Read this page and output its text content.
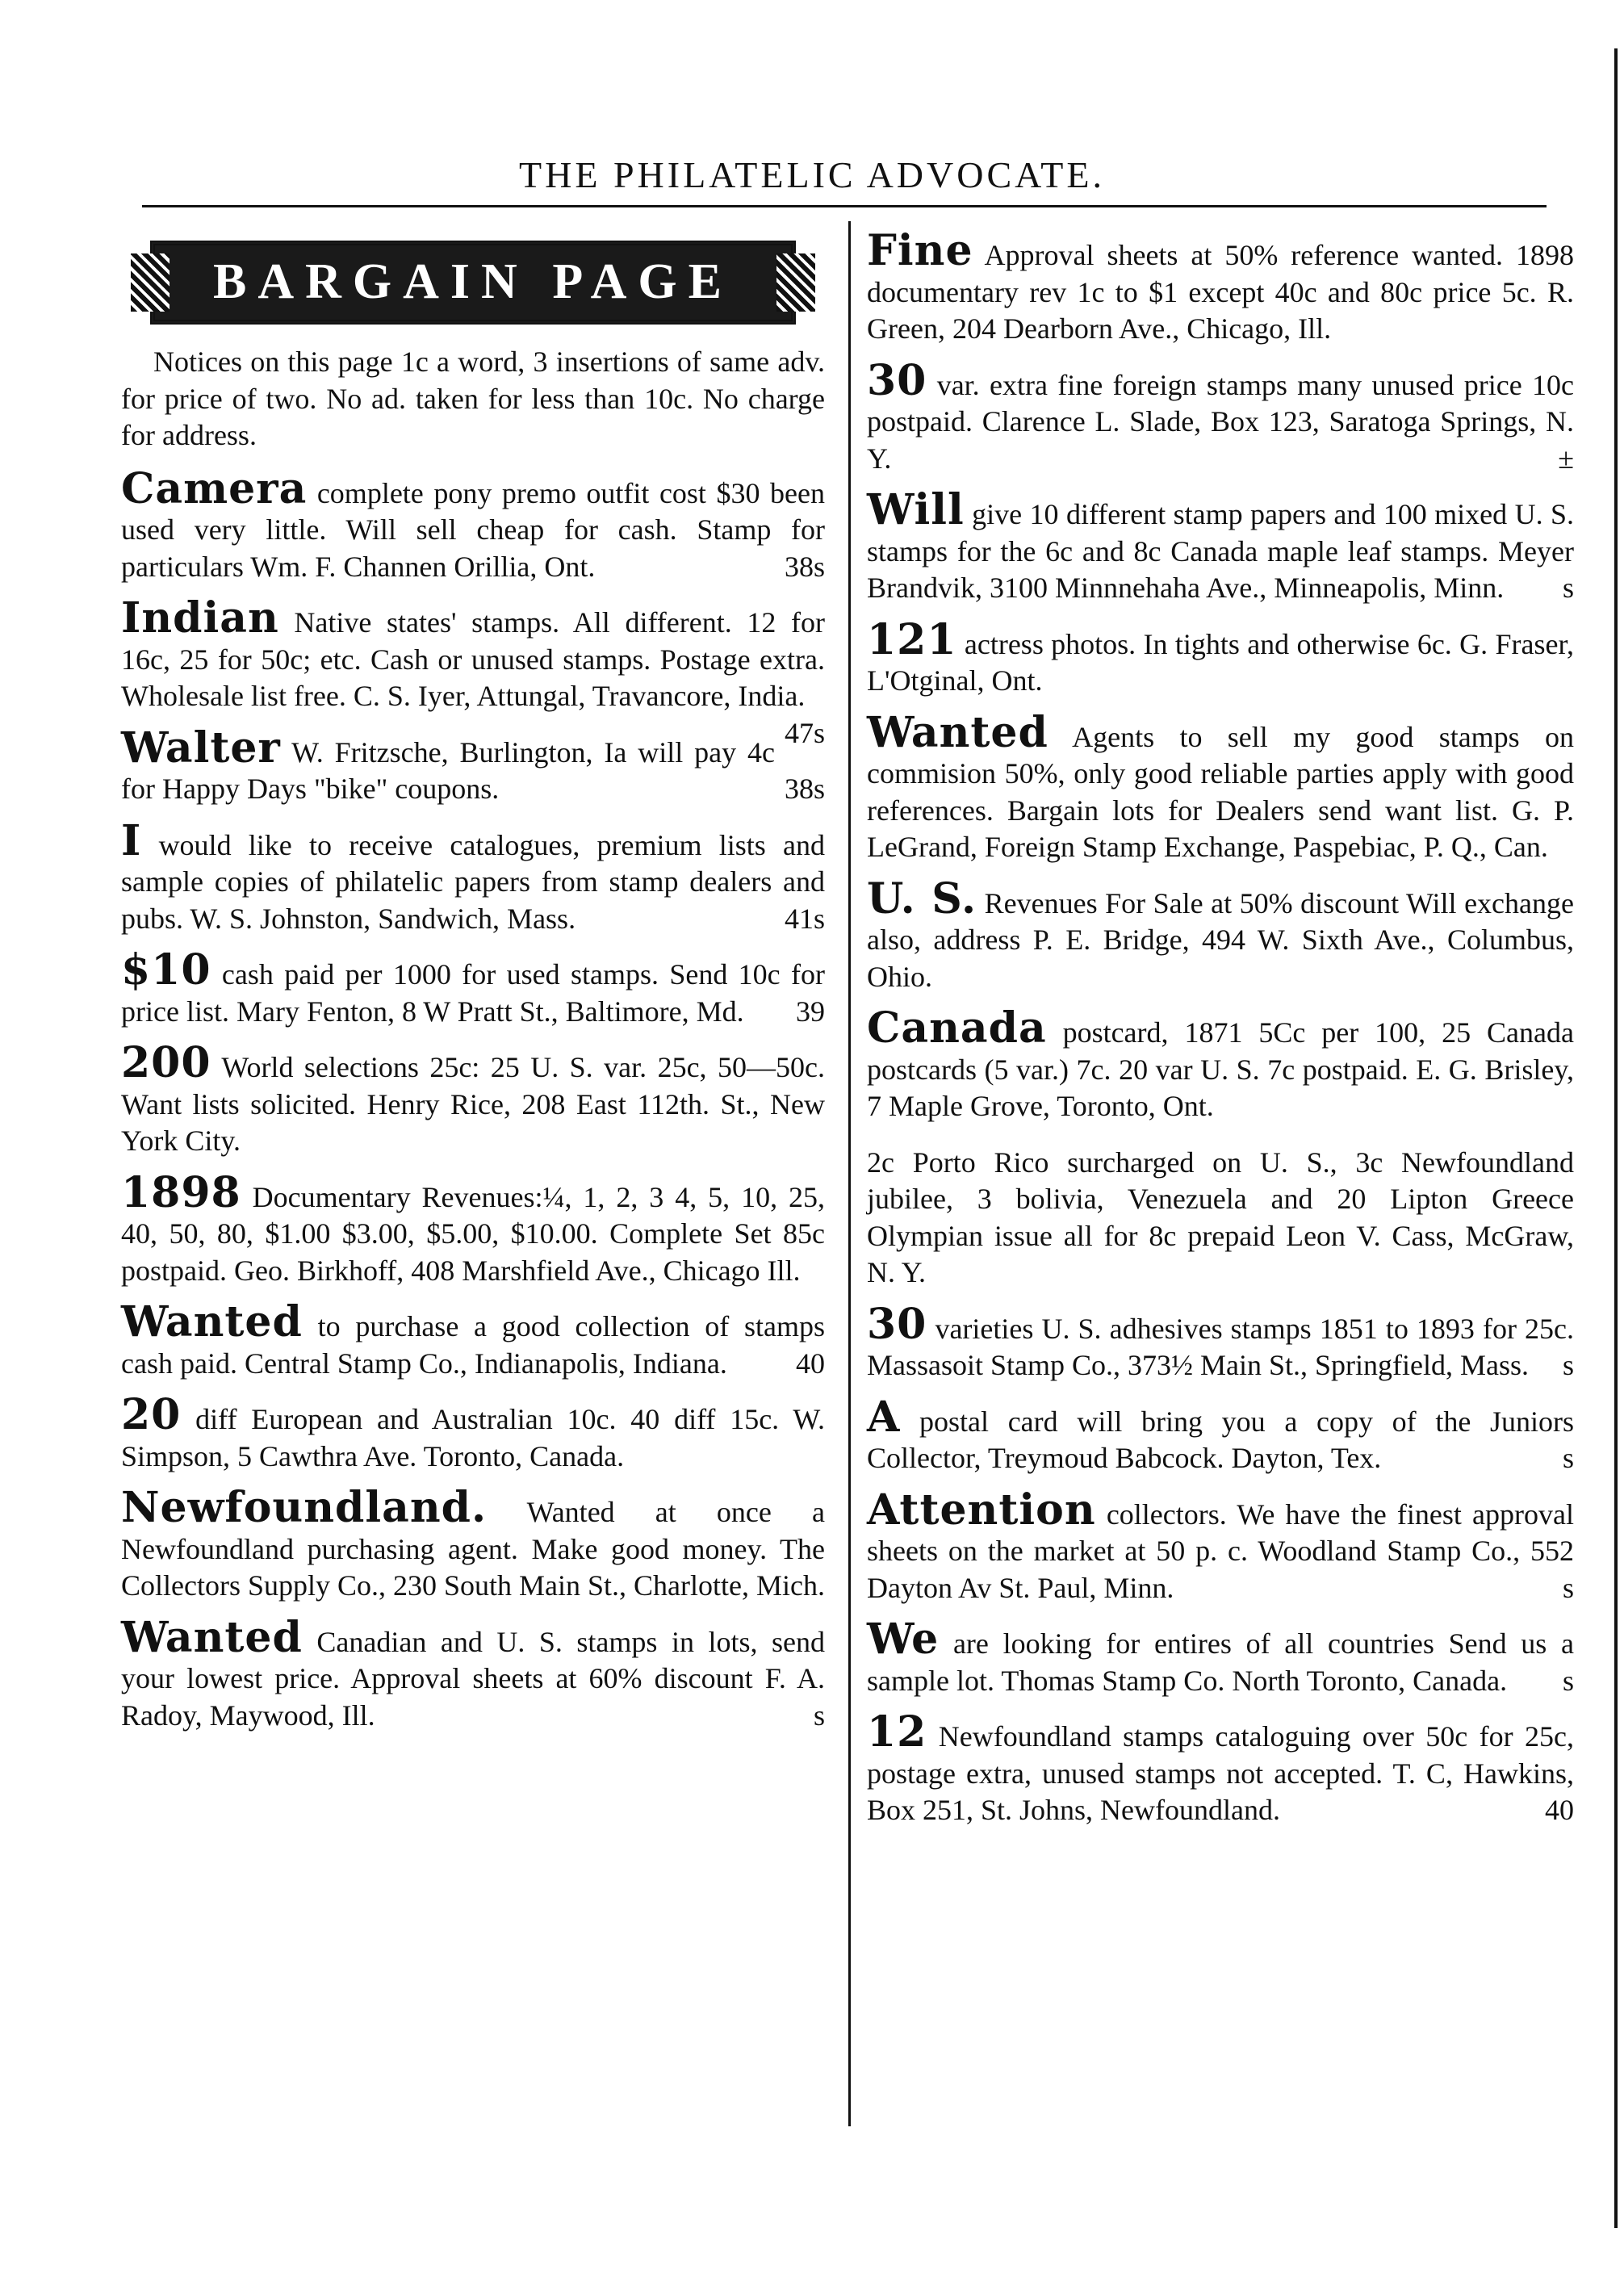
THE PHILATELIC ADVOCATE.
BARGAIN PAGE

Notices on this page 1c a word, 3 insertions of same adv. for price of two. No ad. taken for less than 10c. No charge for address.

Camera complete pony premo outfit cost $30 been used very little. Will sell cheap for cash. Stamp for particulars Wm. F. Channen Orillia, Ont.	38s

Indian Native states' stamps. All different. 12 for 16c, 25 for 50c; etc. Cash or unused stamps. Postage extra. Wholesale list free. C. S. Iyer, Attungal, Travancore, India.
47s

Walter W. Fritzsche, Burlington, Ia will pay 4c for Happy Days "bike" coupons.	38s

I would like to receive catalogues, premium lists and sample copies of philatelic papers from stamp dealers and pubs. W. S. Johnston, Sandwich, Mass.	41s

$10 cash paid per 1000 for used stamps. Send 10c for price list. Mary Fenton, 8 W Pratt St., Baltimore, Md. 39

200 World selections 25c: 25 U. S. var. 25c, 50—50c. Want lists solicited. Henry Rice, 208 East 112th. St., New York City.

1898 Documentary Revenues:¼, 1, 2, 3 4, 5, 10, 25, 40, 50, 80, $1.00 $3.00, $5.00, $10.00. Complete Set 85c postpaid. Geo. Birkhoff, 408 Marshfield Ave., Chicago Ill.

Wanted to purchase a good collection of stamps cash paid. Central Stamp Co., Indianapolis, Indiana. 40

20 diff European and Australian 10c. 40 diff 15c. W. Simpson, 5 Cawthra Ave. Toronto, Canada.

Newfoundland. Wanted at once a Newfoundland purchasing agent. Make good money. The Collectors Supply Co., 230 South Main St., Charlotte, Mich.

Wanted Canadian and U. S. stamps in lots, send your lowest price. Approval sheets at 60% discount F. A. Radoy, Maywood, Ill.	s

Fine Approval sheets at 50% reference wanted. 1898 documentary rev 1c to $1 except 40c and 80c price 5c. R. Green, 204 Dearborn Ave., Chicago, Ill.

30 var. extra fine foreign stamps many unused price 10c postpaid. Clarence L. Slade, Box 123, Saratoga Springs, N. Y.	±

Will give 10 different stamp papers and 100 mixed U. S. stamps for the 6c and 8c Canada maple leaf stamps. Meyer Brandvik, 3100 Minnnehaha Ave., Minneapolis, Minn. s

121 actress photos. In tights and otherwise 6c. G. Fraser, L'Otginal, Ont.

Wanted Agents to sell my good stamps on commision 50%, only good reliable parties apply with good references. Bargain lots for Dealers send want list. G. P. LeGrand, Foreign Stamp Exchange, Paspebiac, P. Q., Can.

U. S. Revenues For Sale at 50% discount Will exchange also, address P. E. Bridge, 494 W. Sixth Ave., Columbus, Ohio.

Canada postcard, 1871 5Cc per 100, 25 Canada postcards (5 var.) 7c. 20 var U. S. 7c postpaid. E. G. Brisley, 7 Maple Grove, Toronto, Ont.

2c Porto Rico surcharged on U. S., 3c Newfoundland jubilee, 3 bolivia, Venezuela and 20 Lipton Greece Olympian issue all for 8c prepaid Leon V. Cass, McGraw, N. Y.

30 varieties U. S. adhesives stamps 1851 to 1893 for 25c. Massasoit Stamp Co., 373½ Main St., Springfield, Mass. s

A postal card will bring you a copy of the Juniors Collector, Treymoud Babcock. Dayton, Tex.	s

Attention collectors. We have the finest approval sheets on the market at 50 p. c. Woodland Stamp Co., 552 Dayton Av St. Paul, Minn.	s

We are looking for entires of all countries Send us a sample lot. Thomas Stamp Co. North Toronto, Canada. s

12 Newfoundland stamps cataloguing over 50c for 25c, postage extra, unused stamps not accepted. T. C, Hawkins, Box 251, St. Johns, Newfoundland.	40
